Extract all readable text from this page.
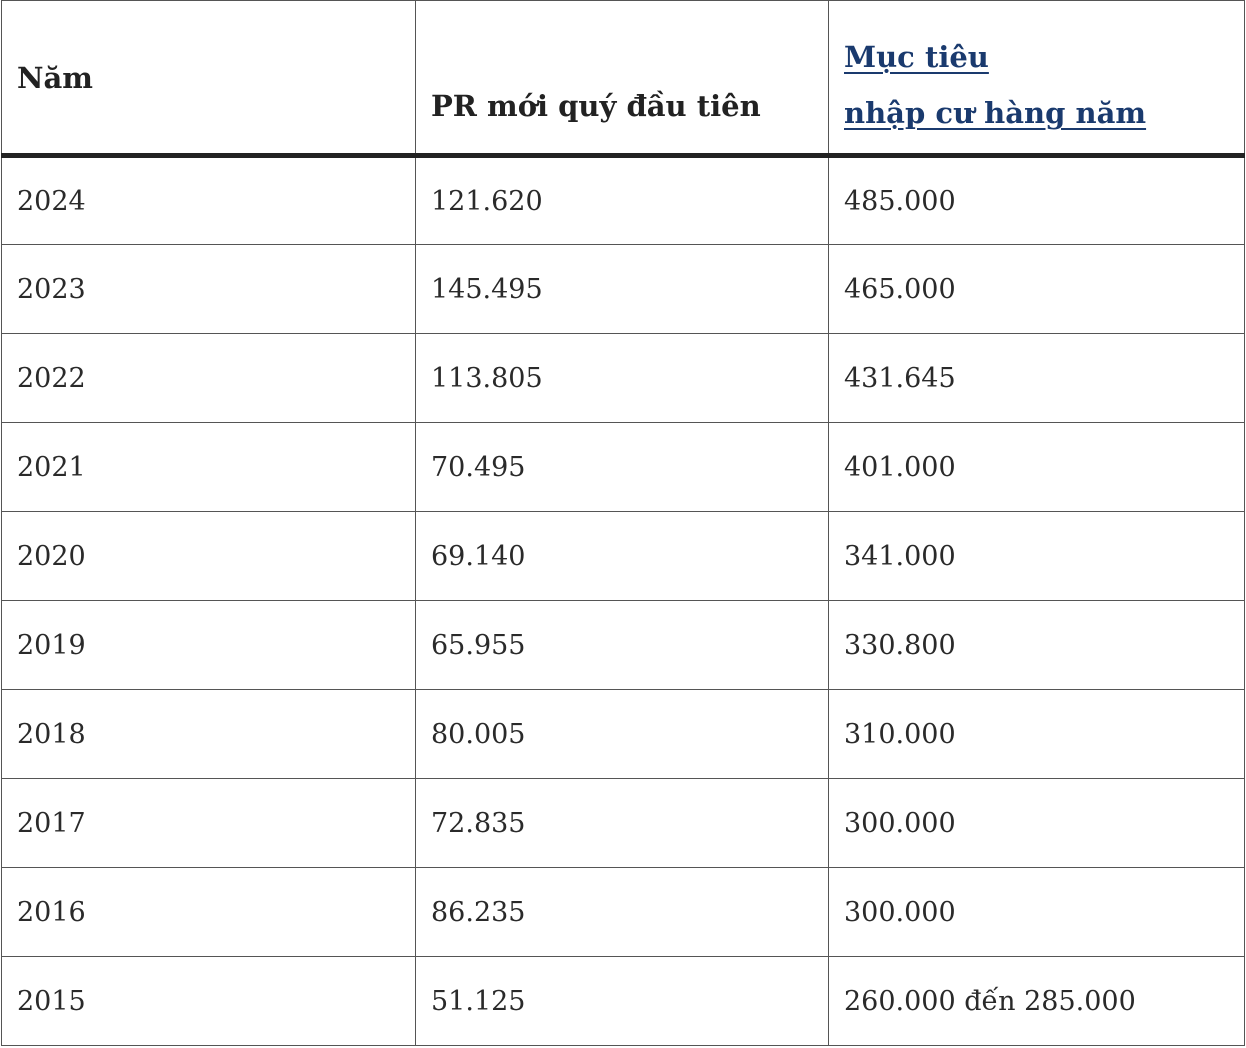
Năm	PR mới quý đầu tiên	Mục tiêu
nhập cư hàng năm

2024	121.620	485.000
2023	145.495	465.000
2022	113.805	431.645
2021	70.495	401.000
2020	69.140	341.000
2019	65.955	330.800
2018	80.005	310.000
2017	72.835	300.000
2016	86.235	300.000
2015	51.125	260.000 đến 285.000
